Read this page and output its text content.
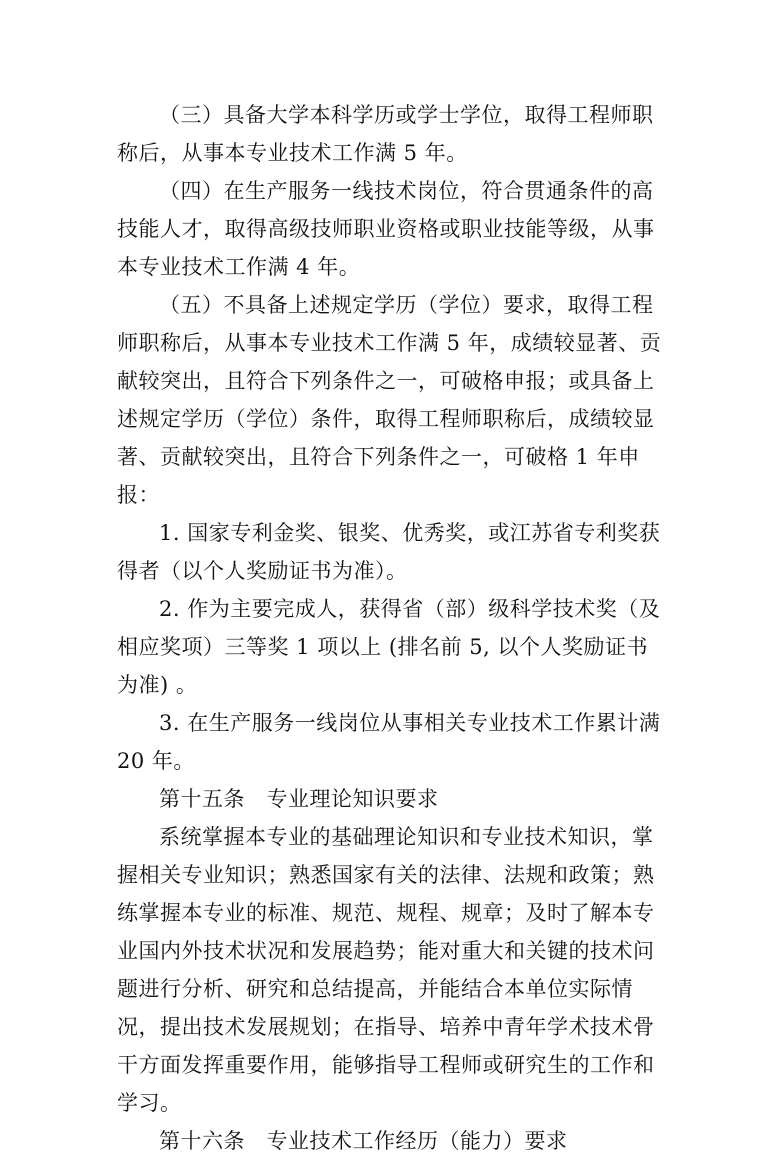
（三）具备大学本科学历或学士学位，取得工程师职称后，从事本专业技术工作满 5 年。

（四）在生产服务一线技术岗位，符合贯通条件的高技能人才，取得高级技师职业资格或职业技能等级，从事本专业技术工作满 4 年。

（五）不具备上述规定学历（学位）要求，取得工程师职称后，从事本专业技术工作满 5 年，成绩较显著、贡献较突出，且符合下列条件之一，可破格申报；或具备上述规定学历（学位）条件，取得工程师职称后，成绩较显著、贡献较突出，且符合下列条件之一，可破格 1 年申报：

1. 国家专利金奖、银奖、优秀奖，或江苏省专利奖获得者（以个人奖励证书为准）。

2. 作为主要完成人，获得省（部）级科学技术奖（及相应奖项）三等奖 1 项以上 (排名前 5, 以个人奖励证书为准) 。

3. 在生产服务一线岗位从事相关专业技术工作累计满 20 年。

第十五条　专业理论知识要求

系统掌握本专业的基础理论知识和专业技术知识，掌握相关专业知识；熟悉国家有关的法律、法规和政策；熟练掌握本专业的标准、规范、规程、规章；及时了解本专业国内外技术状况和发展趋势；能对重大和关键的技术问题进行分析、研究和总结提高，并能结合本单位实际情况，提出技术发展规划；在指导、培养中青年学术技术骨干方面发挥重要作用，能够指导工程师或研究生的工作和学习。

第十六条　专业技术工作经历（能力）要求
